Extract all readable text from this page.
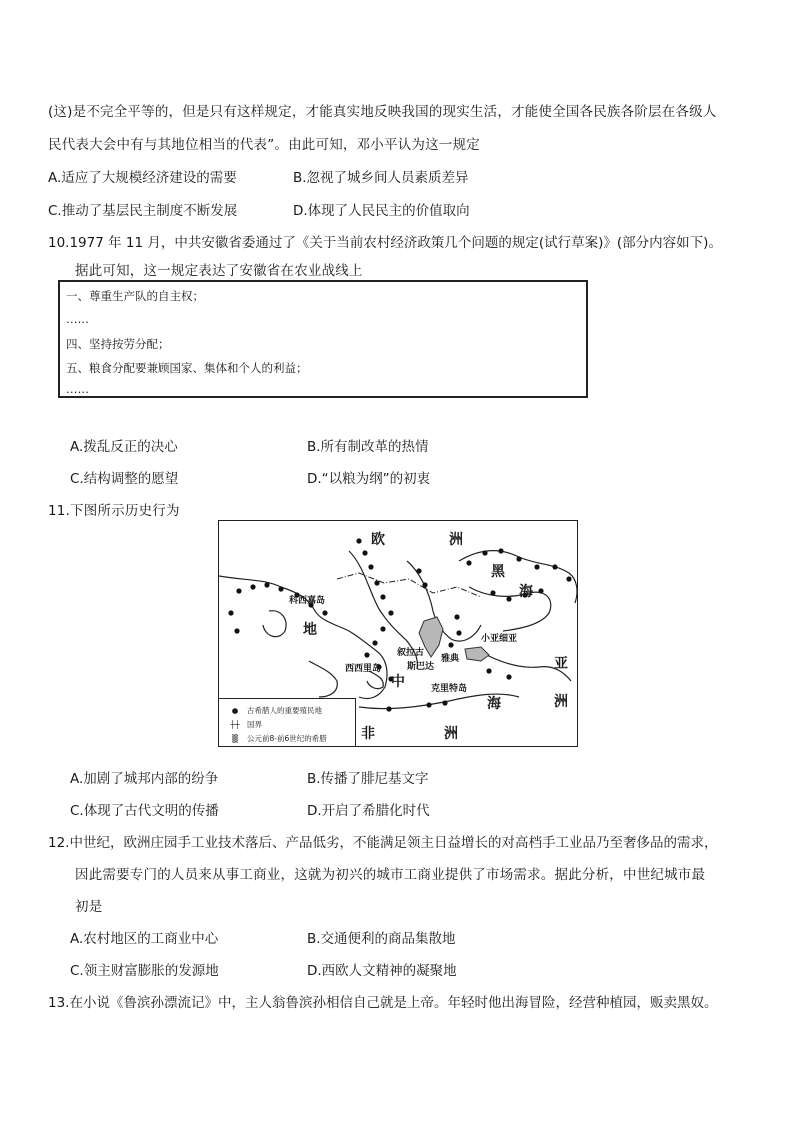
(这)是不完全平等的，但是只有这样规定，才能真实地反映我国的现实生活，才能使全国各民族各阶层在各级人
民代表大会中有与其地位相当的代表”。由此可知，邓小平认为这一规定
A.适应了大规模经济建设的需要	B.忽视了城乡间人员素质差异
C.推动了基层民主制度不断发展	D.体现了人民民主的价值取向
10.1977 年 11 月，中共安徽省委通过了《关于当前农村经济政策几个问题的规定(试行草案)》(部分内容如下)。
据此可知，这一规定表达了安徽省在农业战线上
一、尊重生产队的自主权；
……
四、坚持按劳分配；
五、粮食分配要兼顾国家、集体和个人的利益；
……
A.拨乱反正的决心	B.所有制改革的热情
C.结构调整的愿望	D.“以粮为纲”的初衷
11.下图所示历史行为
欧	洲
黑
海
亚
洲
地
中
海
非	洲
科西嘉岛
叙拉古
西西里岛	斯巴达
雅典
小亚细亚
克里特岛
●	古希腊人的重要殖民地
┼┼ 国界
▒	公元前8-前6世纪的希腊
A.加剧了城邦内部的纷争	B.传播了腓尼基文字
C.体现了古代文明的传播	D.开启了希腊化时代
12.中世纪，欧洲庄园手工业技术落后、产品低劣，不能满足领主日益增长的对高档手工业品乃至奢侈品的需求，
因此需要专门的人员来从事工商业，这就为初兴的城市工商业提供了市场需求。据此分析，中世纪城市最
初是
A.农村地区的工商业中心	B.交通便利的商品集散地
C.领主财富膨胀的发源地	D.西欧人文精神的凝聚地
13.在小说《鲁滨孙漂流记》中，主人翁鲁滨孙相信自己就是上帝。年轻时他出海冒险，经营种植园，贩卖黑奴。
